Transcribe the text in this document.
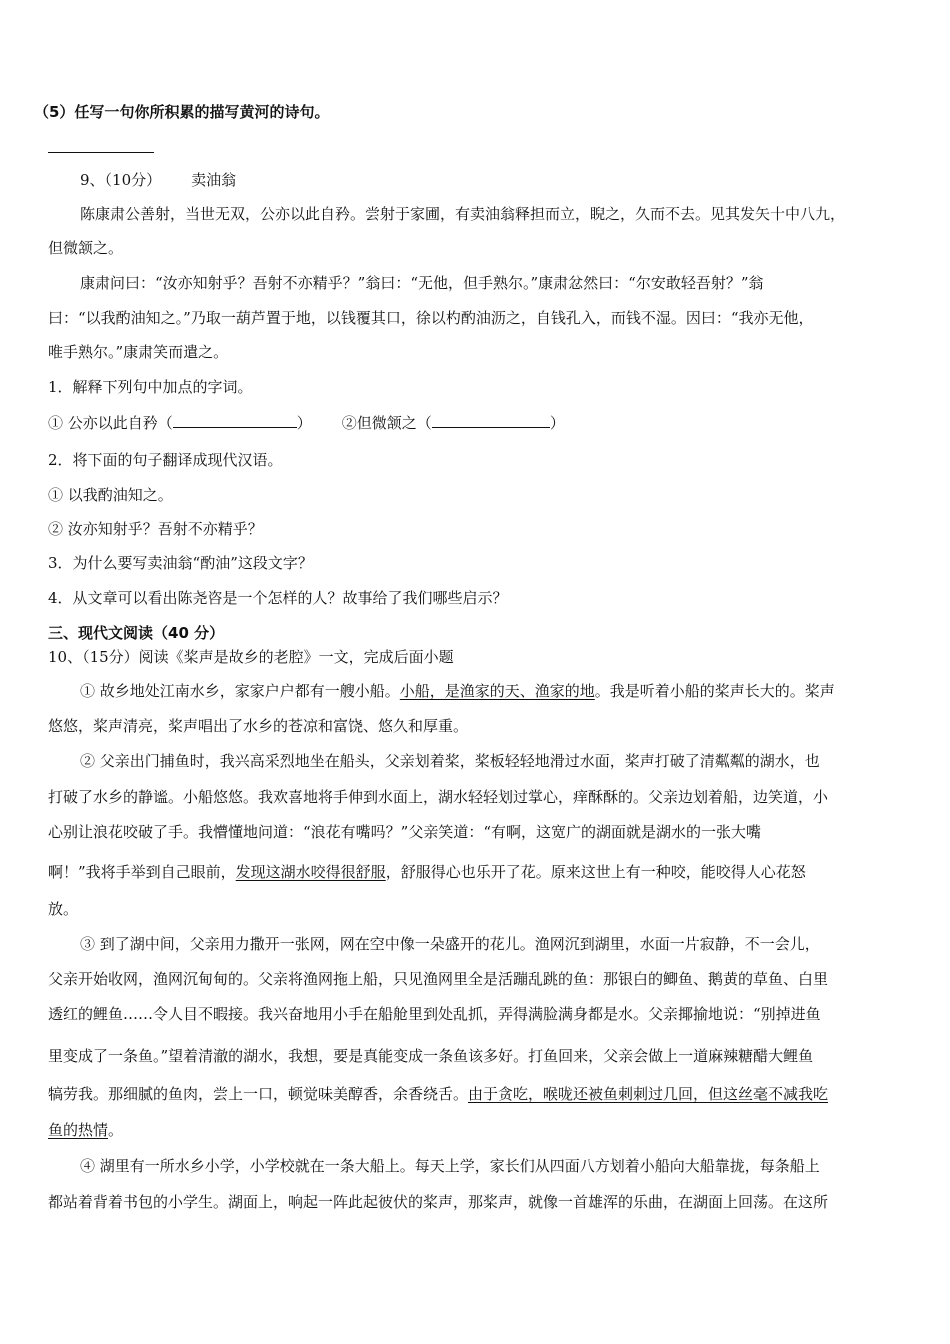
（5）任写一句你所积累的描写黄河的诗句。
9、（10分） 卖油翁
陈康肃公善射，当世无双，公亦以此自矜。尝射于家圃，有卖油翁释担而立，睨之，久而不去。见其发矢十中八九，
但微颔之。
康肃问曰：“汝亦知射乎？吾射不亦精乎？”翁曰：“无他，但手熟尔。”康肃忿然曰：“尔安敢轻吾射？”翁
曰：“以我酌油知之。”乃取一葫芦置于地，以钱覆其口，徐以杓酌油沥之，自钱孔入，而钱不湿。因曰：“我亦无他，
唯手熟尔。”康肃笑而遣之。
1．解释下列句中加点的字词。
① 公亦以此自矜（	） ②但微颔之（	）
2．将下面的句子翻译成现代汉语。
① 以我酌油知之。
② 汝亦知射乎？吾射不亦精乎？
3．为什么要写卖油翁“酌油”这段文字？
4．从文章可以看出陈尧咨是一个怎样的人？故事给了我们哪些启示？
三、现代文阅读（40 分）
10、（15分）阅读《桨声是故乡的老腔》一文，完成后面小题
① 故乡地处江南水乡，家家户户都有一艘小船。小船，是渔家的天、渔家的地。我是听着小船的桨声长大的。桨声
悠悠，桨声清亮，桨声唱出了水乡的苍凉和富饶、悠久和厚重。
② 父亲出门捕鱼时，我兴高采烈地坐在船头，父亲划着桨，桨板轻轻地滑过水面，桨声打破了清粼粼的湖水，也
打破了水乡的静谧。小船悠悠。我欢喜地将手伸到水面上，湖水轻轻划过掌心，痒酥酥的。父亲边划着船，边笑道，小
心别让浪花咬破了手。我懵懂地问道：“浪花有嘴吗？”父亲笑道：“有啊，这宽广的湖面就是湖水的一张大嘴
啊！”我将手举到自己眼前，发现这湖水咬得很舒服，舒服得心也乐开了花。原来这世上有一种咬，能咬得人心花怒
放。
③ 到了湖中间，父亲用力撒开一张网，网在空中像一朵盛开的花儿。渔网沉到湖里，水面一片寂静，不一会儿，
父亲开始收网，渔网沉甸甸的。父亲将渔网拖上船，只见渔网里全是活蹦乱跳的鱼：那银白的鲫鱼、鹅黄的草鱼、白里
透红的鲤鱼……令人目不暇接。我兴奋地用小手在船舱里到处乱抓，弄得满脸满身都是水。父亲揶揄地说：“别掉进鱼
里变成了一条鱼。”望着清澈的湖水，我想，要是真能变成一条鱼该多好。打鱼回来，父亲会做上一道麻辣糖醋大鲤鱼
犒劳我。那细腻的鱼肉，尝上一口，顿觉味美醇香，余香绕舌。由于贪吃，喉咙还被鱼刺刺过几回，但这丝毫不减我吃
鱼的热情。
④ 湖里有一所水乡小学，小学校就在一条大船上。每天上学，家长们从四面八方划着小船向大船靠拢，每条船上
都站着背着书包的小学生。湖面上，响起一阵此起彼伏的桨声，那桨声，就像一首雄浑的乐曲，在湖面上回荡。在这所
